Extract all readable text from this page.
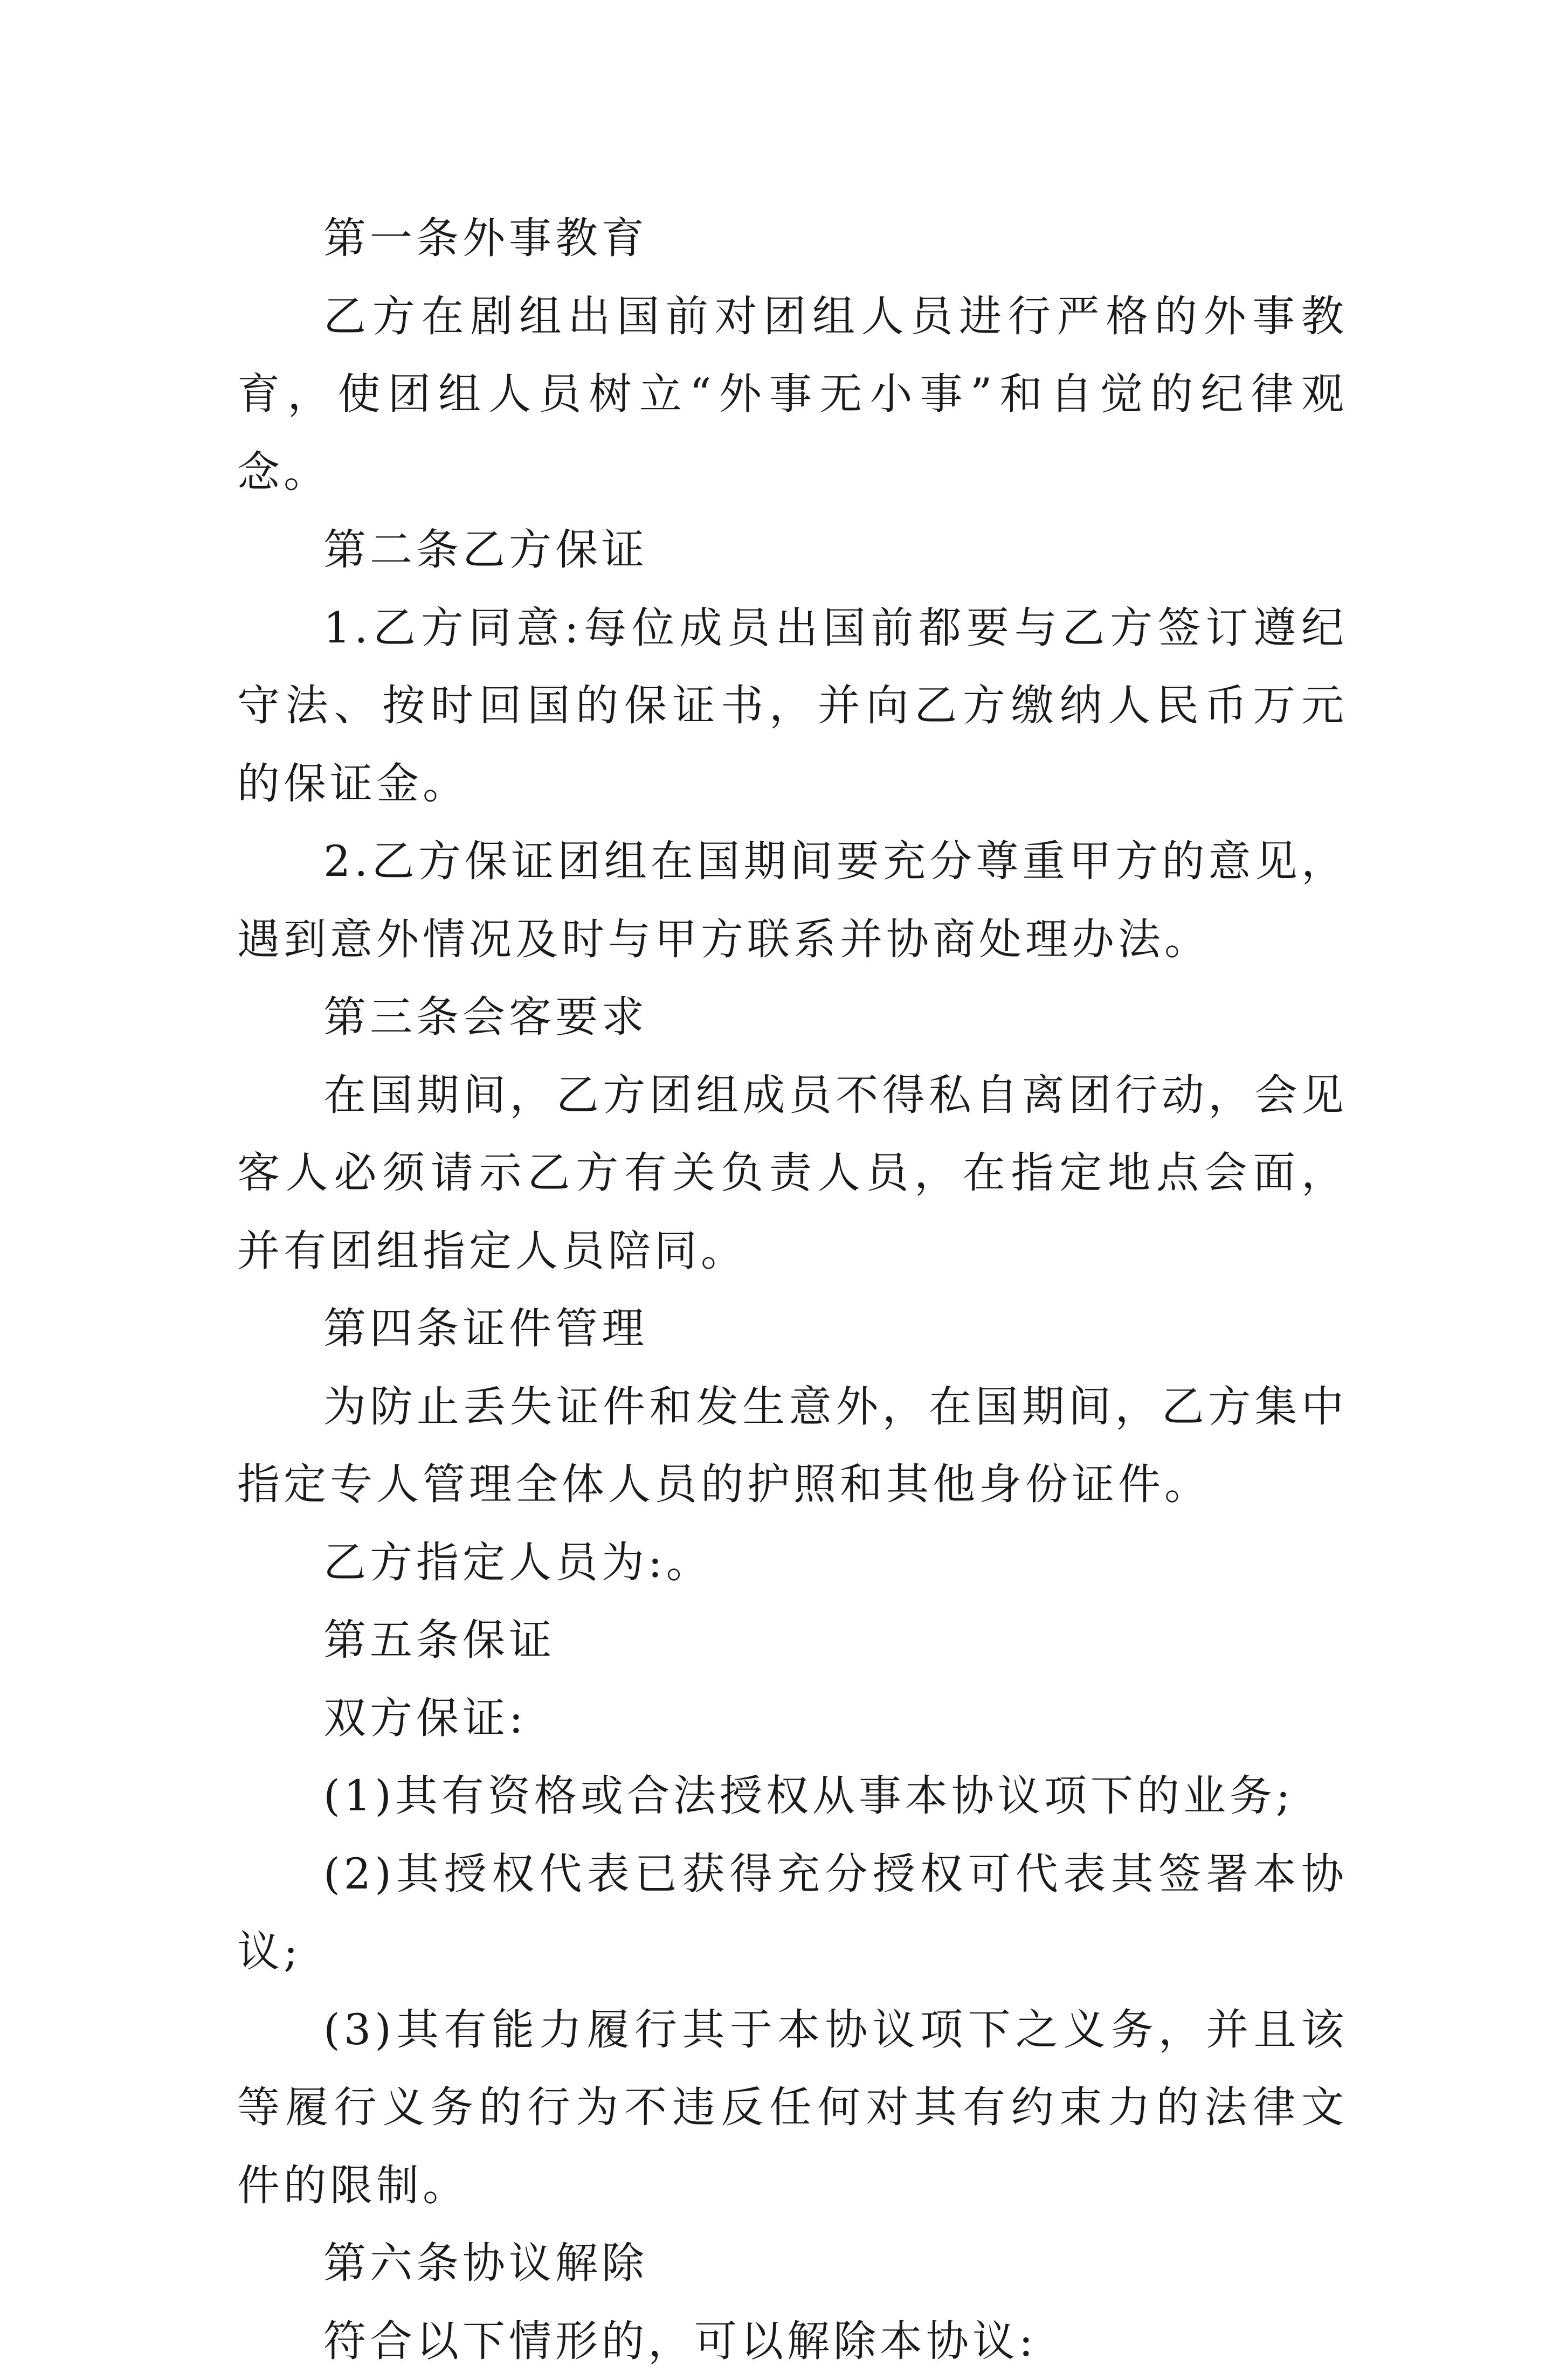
第一条外事教育

乙方在剧组出国前对团组人员进行严格的外事教育，使团组人员树立“外事无小事”和自觉的纪律观念。

第二条乙方保证

1.乙方同意:每位成员出国前都要与乙方签订遵纪守法、按时回国的保证书，并向乙方缴纳人民币万元的保证金。

2.乙方保证团组在国期间要充分尊重甲方的意见，遇到意外情况及时与甲方联系并协商处理办法。

第三条会客要求

在国期间，乙方团组成员不得私自离团行动，会见客人必须请示乙方有关负责人员，在指定地点会面，并有团组指定人员陪同。

第四条证件管理

为防止丢失证件和发生意外，在国期间，乙方集中指定专人管理全体人员的护照和其他身份证件。

乙方指定人员为:。

第五条保证

双方保证:

(1)其有资格或合法授权从事本协议项下的业务;

(2)其授权代表已获得充分授权可代表其签署本协议;

(3)其有能力履行其于本协议项下之义务，并且该等履行义务的行为不违反任何对其有约束力的法律文件的限制。

第六条协议解除

符合以下情形的，可以解除本协议:
